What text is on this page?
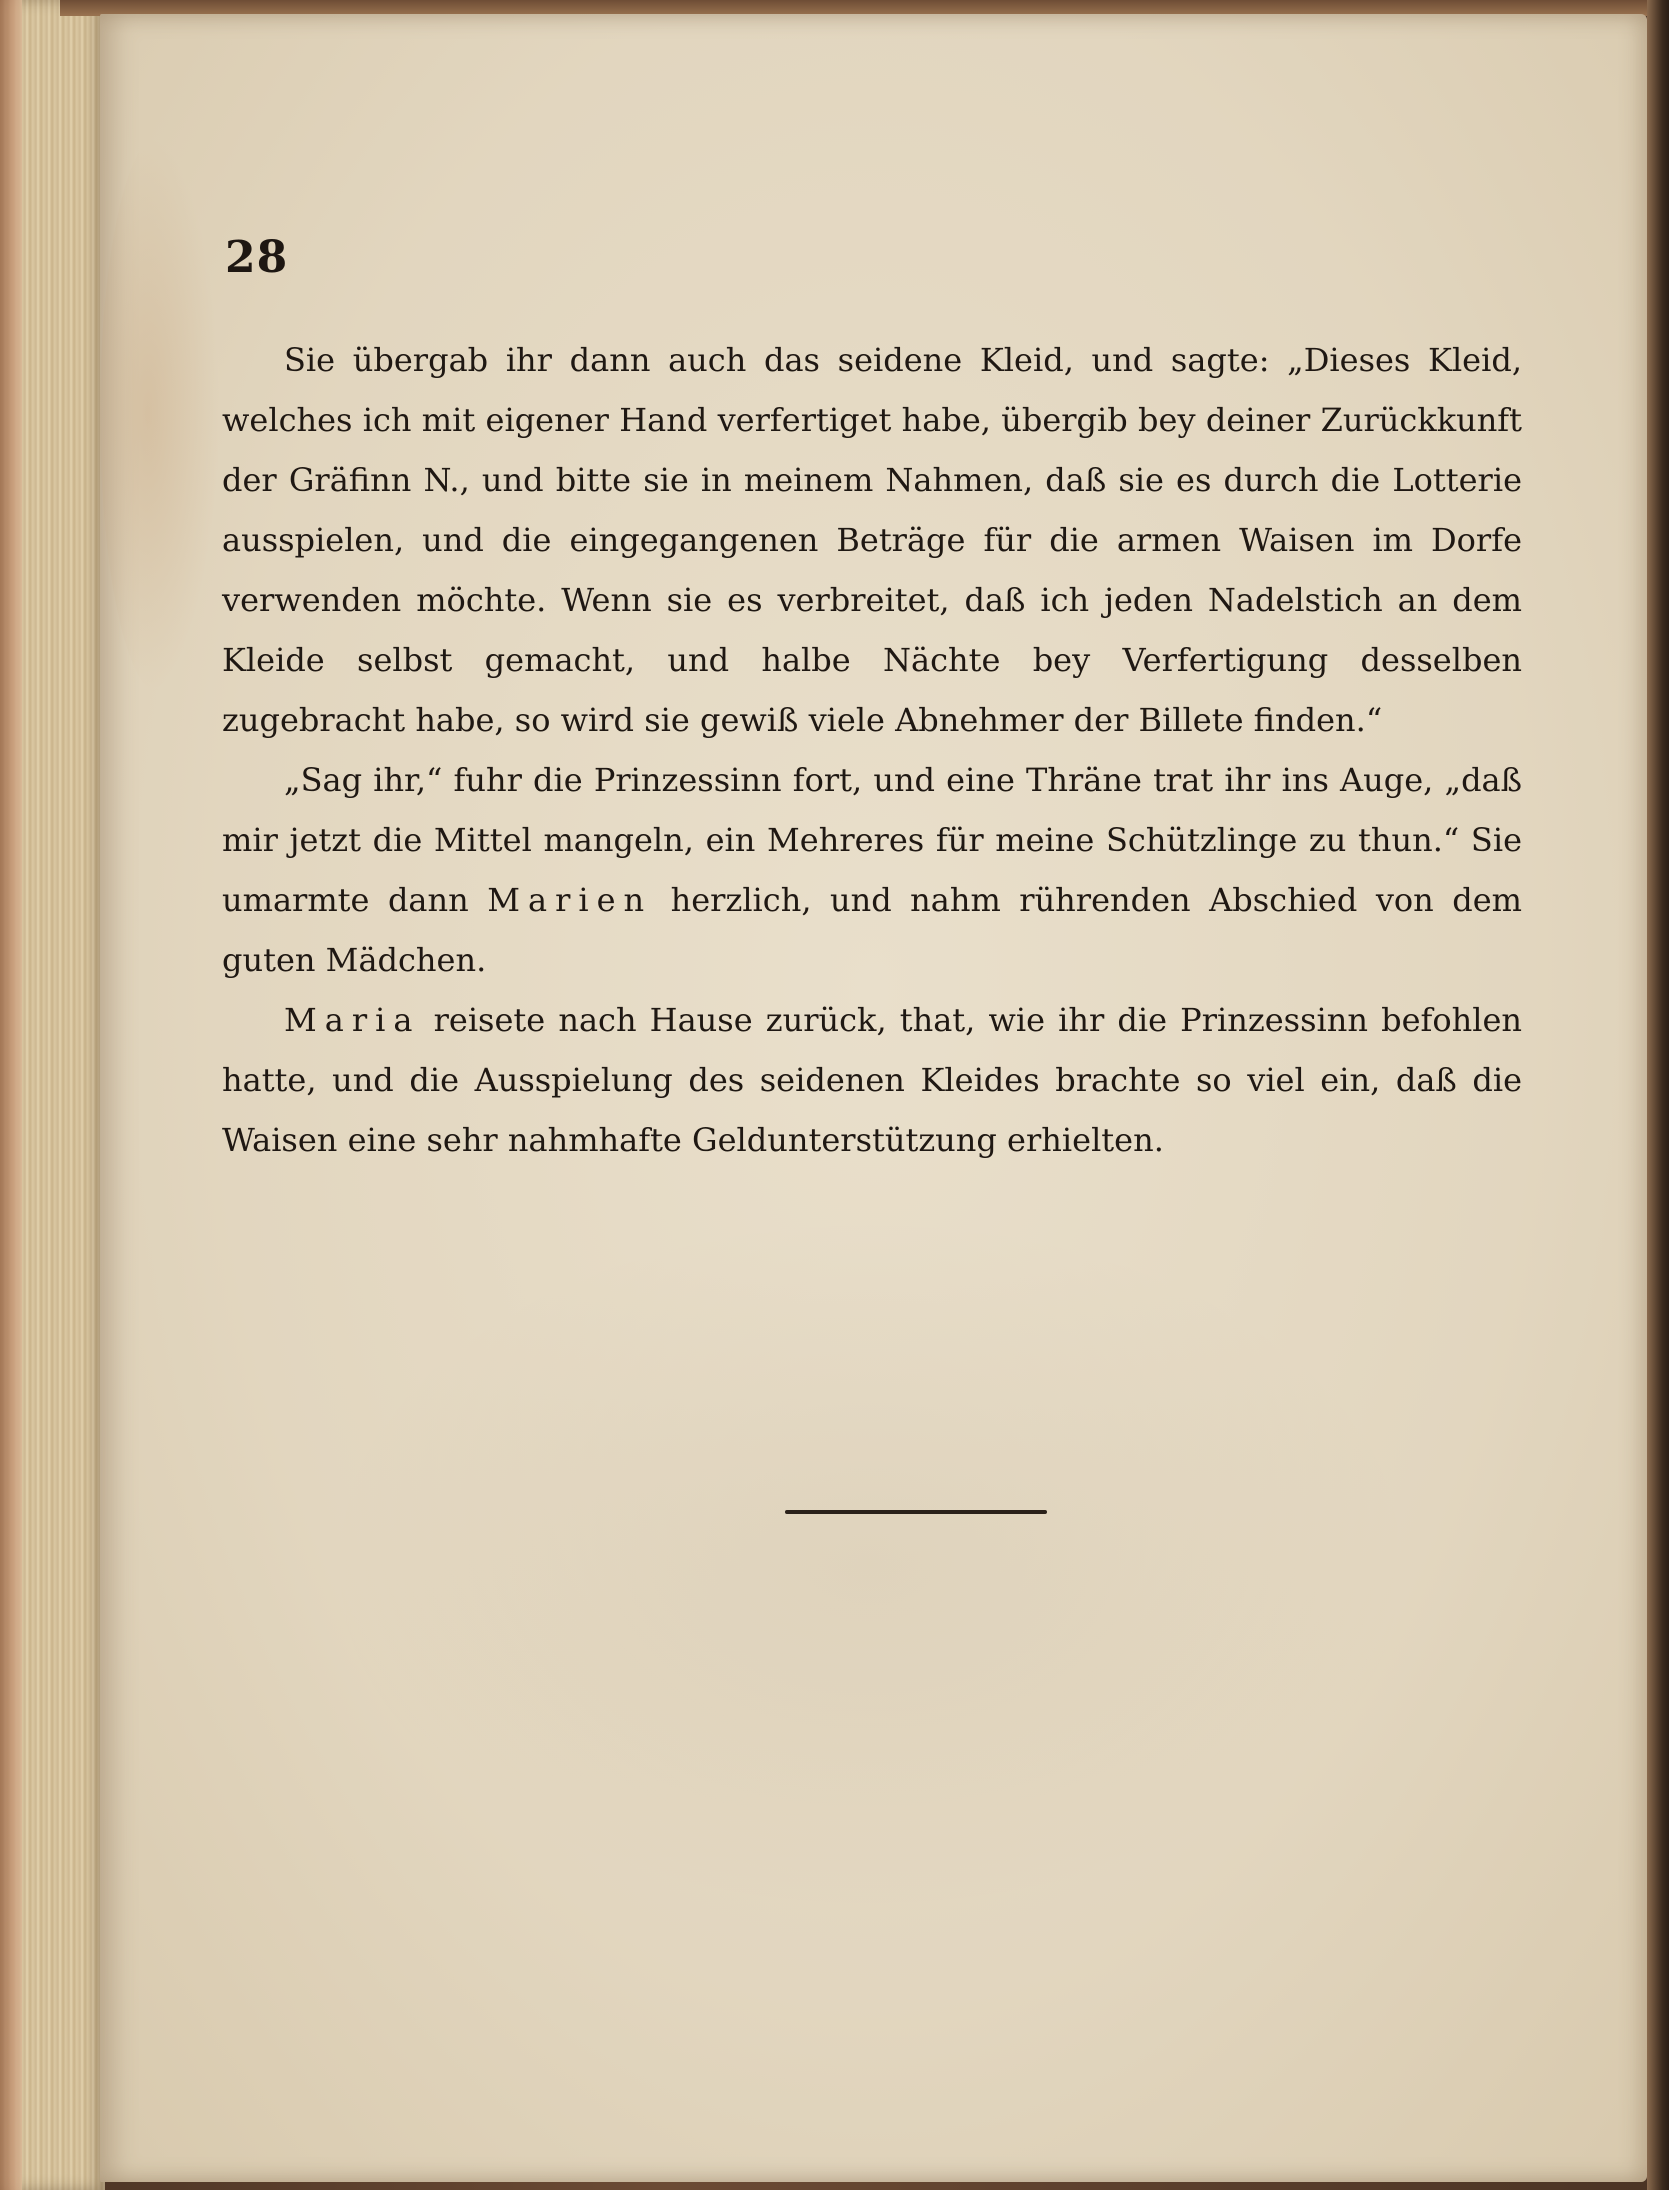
28

Sie übergab ihr dann auch das seidene Kleid, und sagte: „Dieses Kleid, welches ich mit eigener Hand verfertiget habe, übergib bey deiner Zurückkunft der Gräfinn N., und bitte sie in meinem Nahmen, daß sie es durch die Lotterie ausspielen, und die eingegangenen Beträge für die armen Waisen im Dorfe verwenden möchte. Wenn sie es verbreitet, daß ich jeden Nadelstich an dem Kleide selbst gemacht, und halbe Nächte bey Verfertigung desselben zugebracht habe, so wird sie gewiß viele Abnehmer der Billete finden.“

„Sag ihr,“ fuhr die Prinzessinn fort, und eine Thräne trat ihr ins Auge, „daß mir jetzt die Mittel mangeln, ein Mehreres für meine Schützlinge zu thun.“ Sie umarmte dann Marien herzlich, und nahm rührenden Abschied von dem guten Mädchen.

Maria reisete nach Hause zurück, that, wie ihr die Prinzessinn befohlen hatte, und die Ausspielung des seidenen Kleides brachte so viel ein, daß die Waisen eine sehr nahmhafte Geldunterstützung erhielten.
